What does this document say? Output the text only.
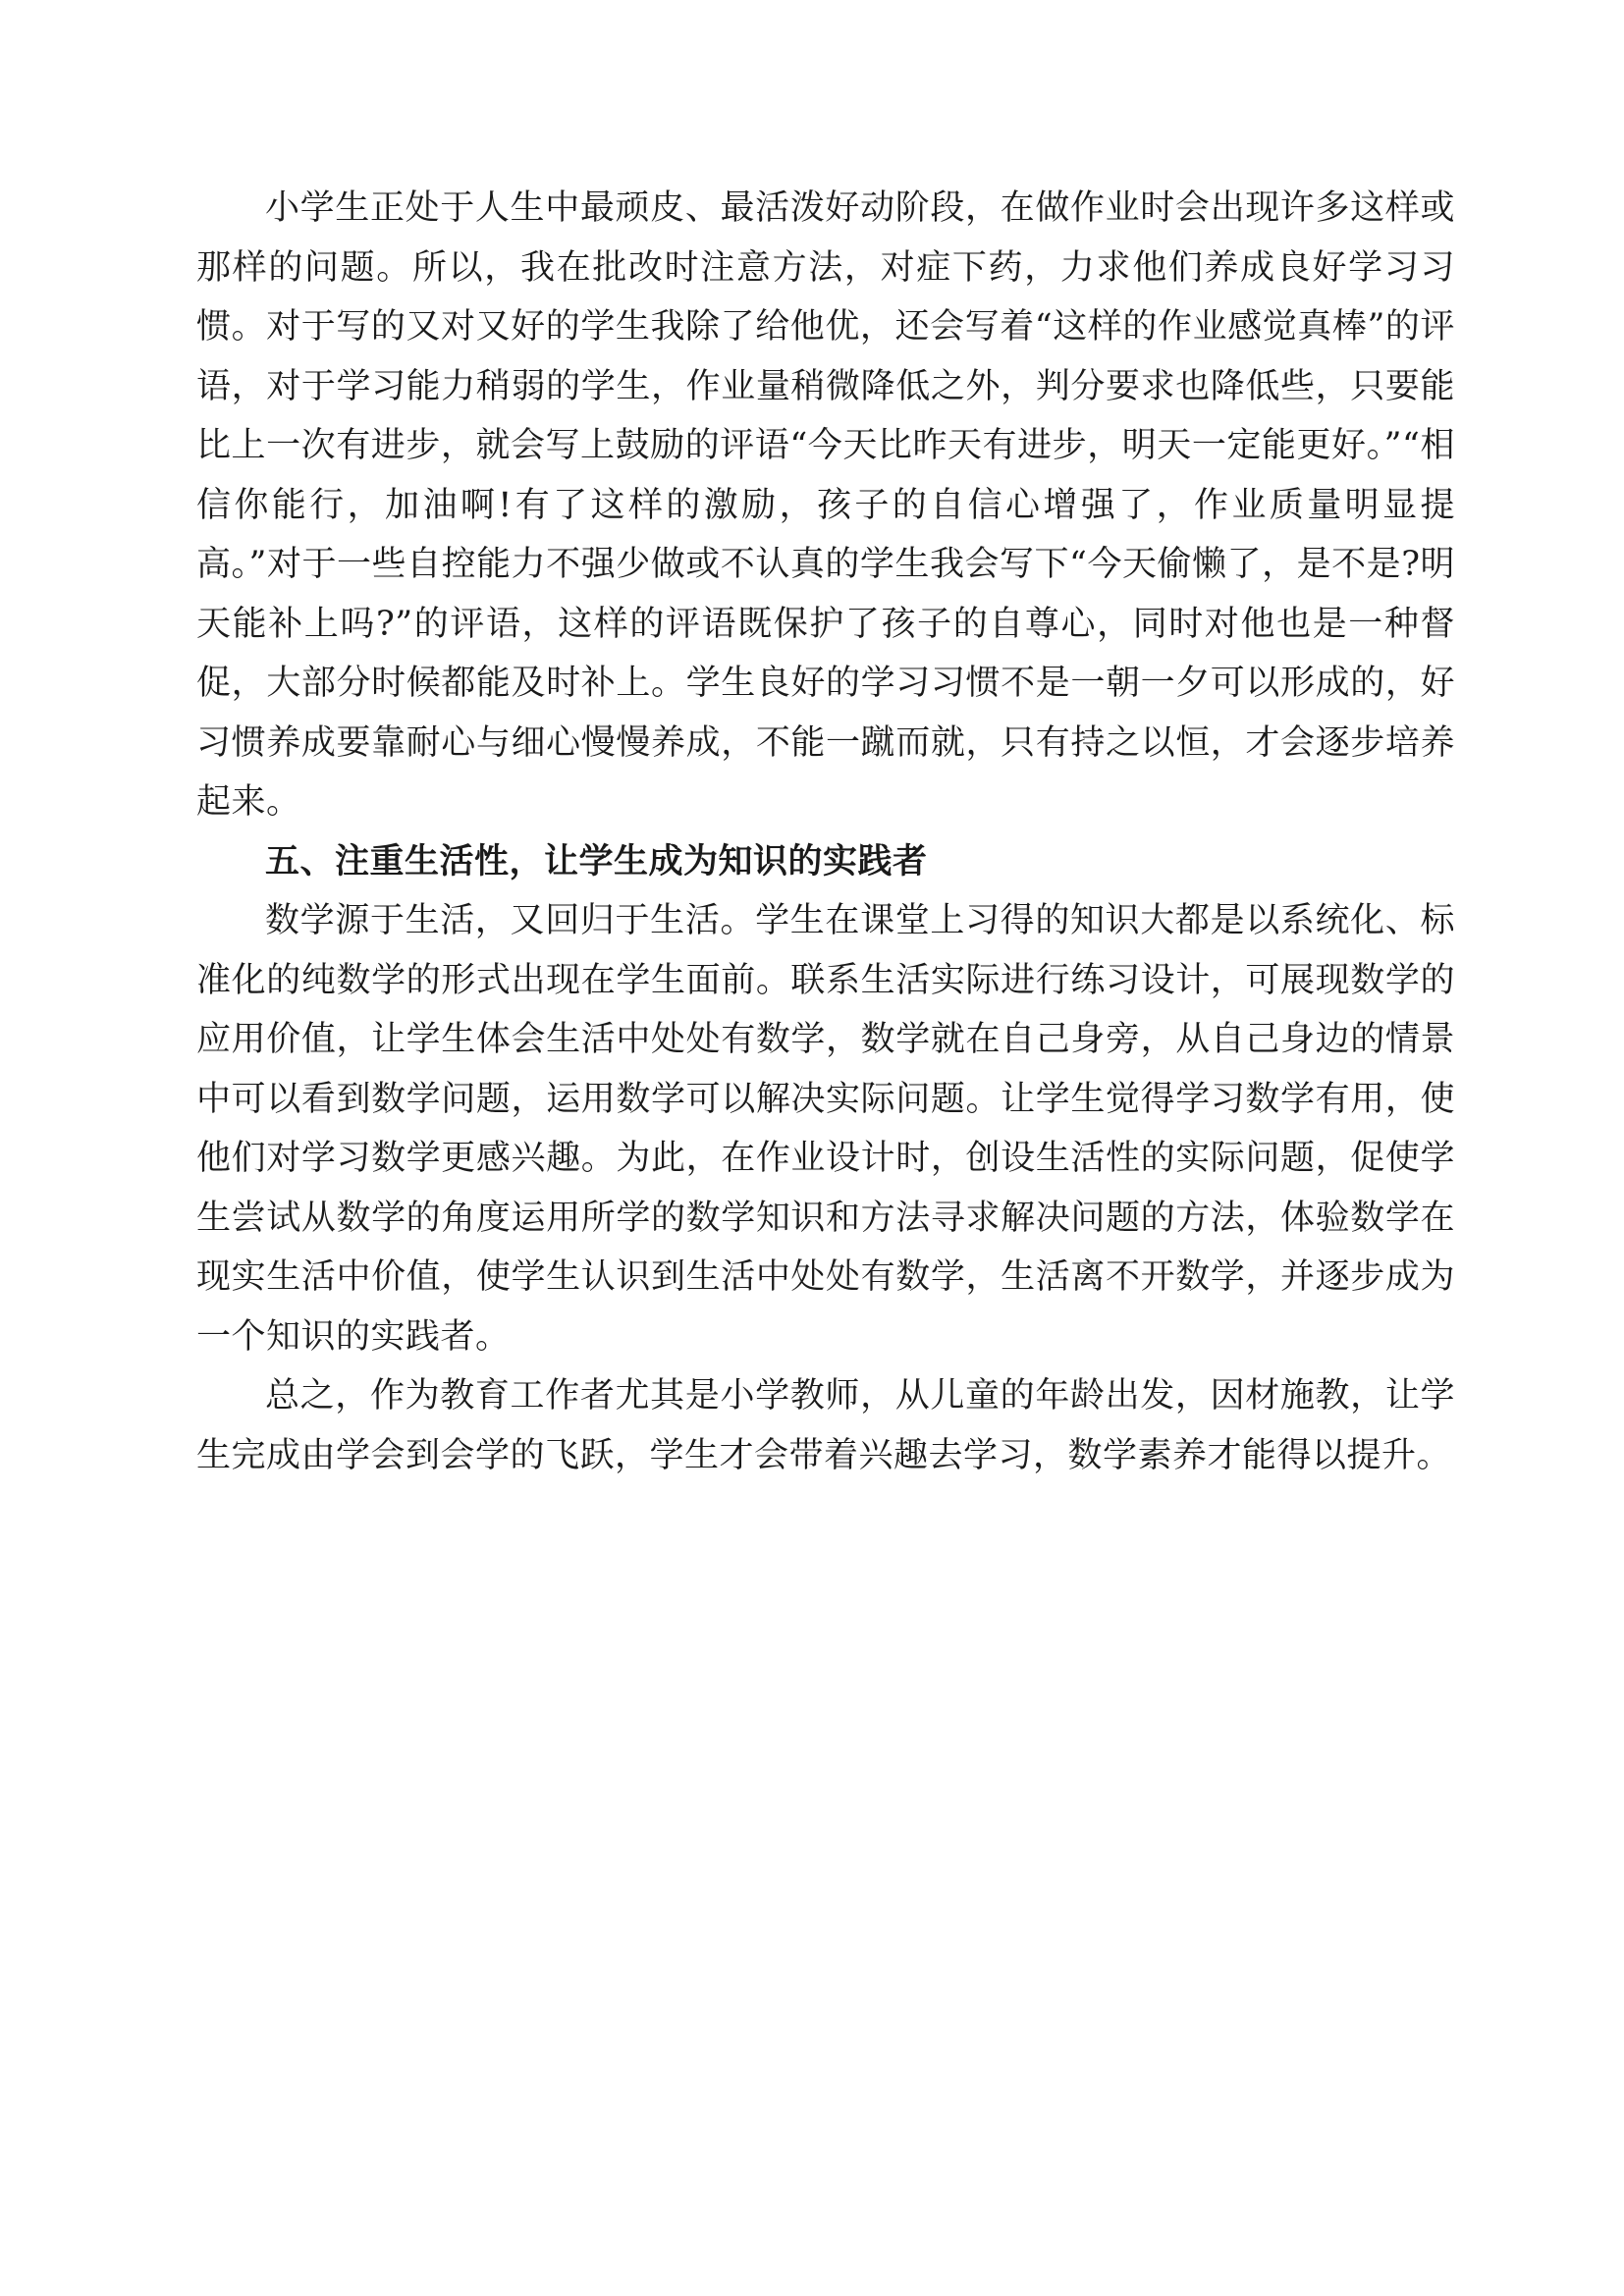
小学生正处于人生中最顽皮、最活泼好动阶段，在做作业时会出现许多这样或那样的问题。所以，我在批改时注意方法，对症下药，力求他们养成良好学习习惯。对于写的又对又好的学生我除了给他优，还会写着“这样的作业感觉真棒”的评语，对于学习能力稍弱的学生，作业量稍微降低之外，判分要求也降低些，只要能比上一次有进步，就会写上鼓励的评语“今天比昨天有进步，明天一定能更好。”“相信你能行，加油啊!有了这样的激励，孩子的自信心增强了，作业质量明显提高。”对于一些自控能力不强少做或不认真的学生我会写下“今天偷懒了，是不是?明天能补上吗?”的评语，这样的评语既保护了孩子的自尊心，同时对他也是一种督促，大部分时候都能及时补上。学生良好的学习习惯不是一朝一夕可以形成的，好习惯养成要靠耐心与细心慢慢养成，不能一蹴而就，只有持之以恒，才会逐步培养起来。

五、注重生活性，让学生成为知识的实践者

数学源于生活，又回归于生活。学生在课堂上习得的知识大都是以系统化、标准化的纯数学的形式出现在学生面前。联系生活实际进行练习设计，可展现数学的应用价值，让学生体会生活中处处有数学，数学就在自己身旁，从自己身边的情景中可以看到数学问题，运用数学可以解决实际问题。让学生觉得学习数学有用，使他们对学习数学更感兴趣。为此，在作业设计时，创设生活性的实际问题，促使学生尝试从数学的角度运用所学的数学知识和方法寻求解决问题的方法，体验数学在现实生活中价值，使学生认识到生活中处处有数学，生活离不开数学，并逐步成为一个知识的实践者。

总之，作为教育工作者尤其是小学教师，从儿童的年龄出发，因材施教，让学生完成由学会到会学的飞跃，学生才会带着兴趣去学习，数学素养才能得以提升。
